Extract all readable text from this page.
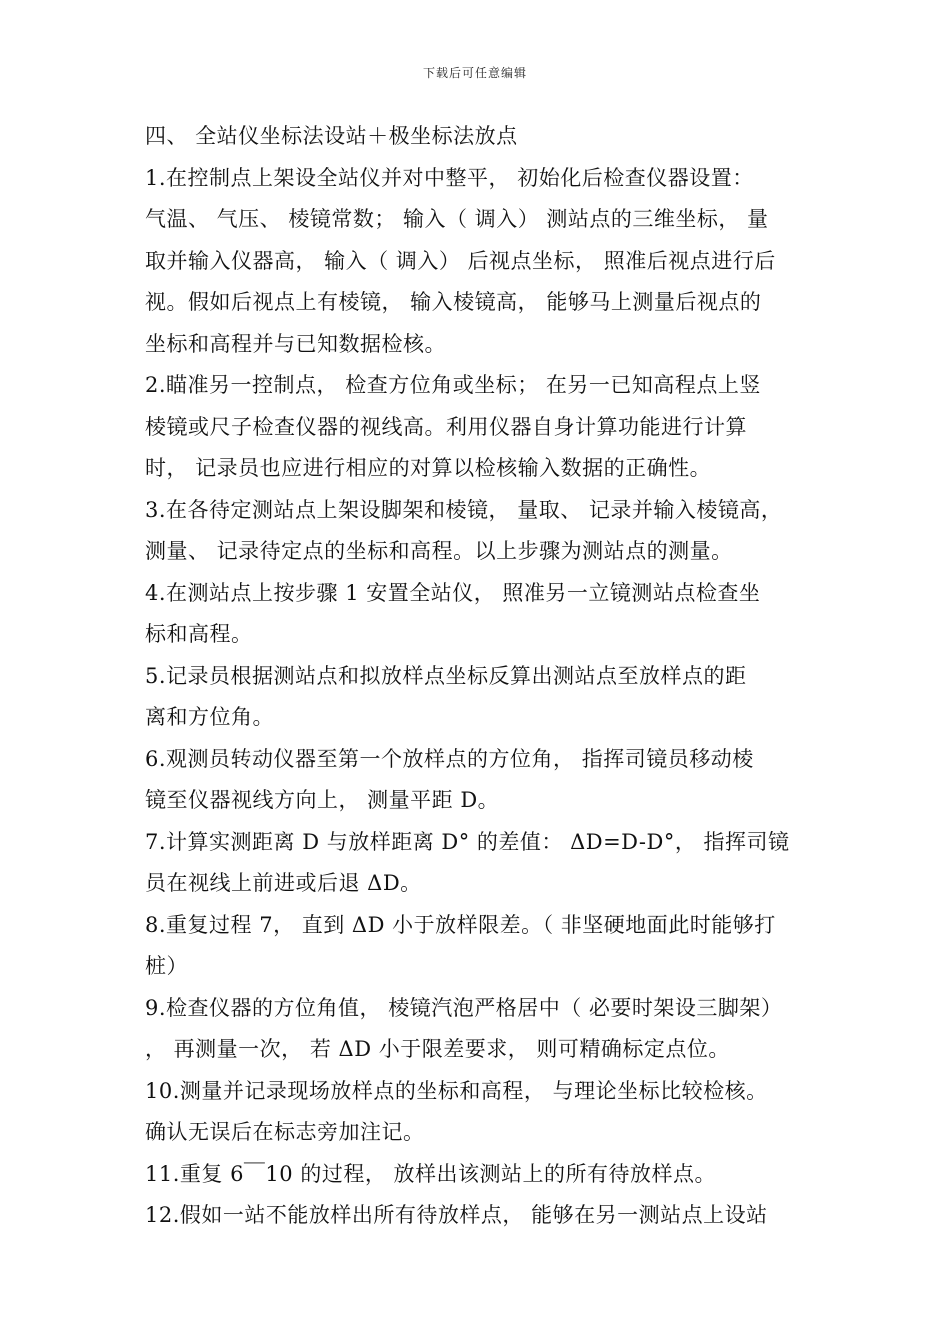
下载后可任意编辑
四、 全站仪坐标法设站＋极坐标法放点
1.在控制点上架设全站仪并对中整平， 初始化后检查仪器设置：
气温、 气压、 棱镜常数； 输入（ 调入） 测站点的三维坐标， 量
取并输入仪器高， 输入（ 调入） 后视点坐标， 照准后视点进行后
视。假如后视点上有棱镜， 输入棱镜高， 能够马上测量后视点的
坐标和高程并与已知数据检核。
2.瞄准另一控制点， 检查方位角或坐标； 在另一已知高程点上竖
棱镜或尺子检查仪器的视线高。利用仪器自身计算功能进行计算
时， 记录员也应进行相应的对算以检核输入数据的正确性。
3.在各待定测站点上架设脚架和棱镜， 量取、 记录并输入棱镜高，
测量、 记录待定点的坐标和高程。以上步骤为测站点的测量。
4.在测站点上按步骤 1 安置全站仪， 照准另一立镜测站点检查坐
标和高程。
5.记录员根据测站点和拟放样点坐标反算出测站点至放样点的距
离和方位角。
6.观测员转动仪器至第一个放样点的方位角， 指挥司镜员移动棱
镜至仪器视线方向上， 测量平距 D。
7.计算实测距离 D 与放样距离 D° 的差值： ΔD=D-D°， 指挥司镜
员在视线上前进或后退 ΔD。
8.重复过程 7， 直到 ΔD 小于放样限差。（ 非坚硬地面此时能够打
桩）
9.检查仪器的方位角值， 棱镜汽泡严格居中（ 必要时架设三脚架）
， 再测量一次， 若 ΔD 小于限差要求， 则可精确标定点位。
10.测量并记录现场放样点的坐标和高程， 与理论坐标比较检核。
确认无误后在标志旁加注记。
11.重复 6￣10 的过程， 放样出该测站上的所有待放样点。
12.假如一站不能放样出所有待放样点， 能够在另一测站点上设站
